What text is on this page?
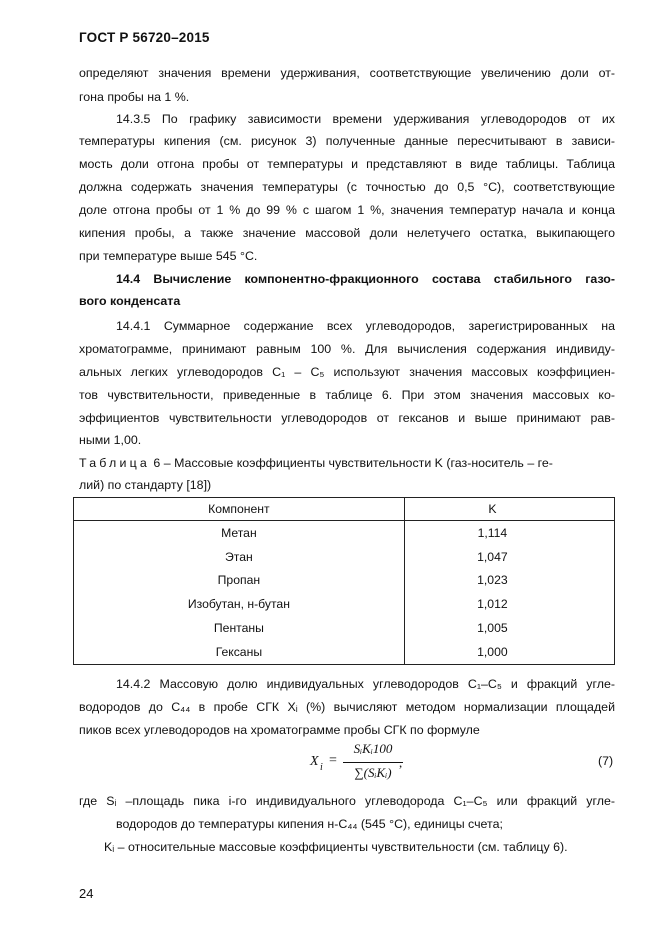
ГОСТ Р 56720–2015
определяют значения времени удерживания, соответствующие увеличению доли от-
гона пробы на 1 %.
14.3.5 По графику зависимости времени удерживания углеводородов от их
температуры кипения (см. рисунок 3) полученные данные пересчитывают в зависи-
мость доли отгона пробы от температуры и представляют в виде таблицы. Таблица
должна содержать значения температуры (с точностью до 0,5 °С), соответствующие
доле отгона пробы от 1 % до 99 % с шагом 1 %, значения температур начала и конца
кипения пробы, а также значение массовой доли нелетучего остатка, выкипающего
при температуре выше 545 °С.
14.4 Вычисление компонентно-фракционного состава стабильного газо-
вого конденсата
14.4.1 Суммарное содержание всех углеводородов, зарегистрированных на
хроматограмме, принимают равным 100 %. Для вычисления содержания индивиду-
альных легких углеводородов С₁ – С₅ используют значения массовых коэффициен-
тов чувствительности, приведенные в таблице 6. При этом значения массовых ко-
эффициентов чувствительности углеводородов от гексанов и выше принимают рав-
ными 1,00.
Таблица 6 – Массовые коэффициенты чувствительности K (газ-носитель – ге-
лий) по стандарту [18])
Компонент	K
Метан	1,114
Этан	1,047
Пропан	1,023
Изобутан, н-бутан	1,012
Пентаны	1,005
Гексаны	1,000
14.4.2 Массовую долю индивидуальных углеводородов С₁–С₅ и фракций угле-
водородов до С₄₄ в пробе СГК Xᵢ (%) вычисляют методом нормализации площадей
пиков всех углеводородов на хроматограмме пробы СГК по формуле
X i =
SᵢKᵢ100
∑(SᵢKᵢ)
,	(7)
где Sᵢ –площадь пика i-го индивидуального углеводорода С₁–С₅ или фракций угле-
водородов до температуры кипения н-С₄₄ (545 °С), единицы счета;
Kᵢ – относительные массовые коэффициенты чувствительности (см. таблицу 6).
24
